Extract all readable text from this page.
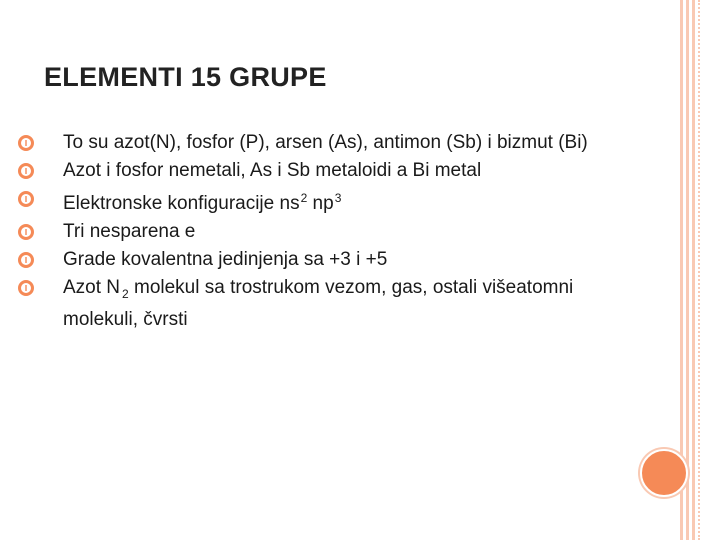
ELEMENTI 15 GRUPE
To su azot(N), fosfor (P), arsen (As), antimon (Sb) i bizmut (Bi)
Azot i fosfor nemetali, As i Sb metaloidi a Bi metal
Elektronske konfiguracije $ns^2$ $np^3$
Tri nesparena e
Grade kovalentna jedinjenja sa +3 i +5
Azot N $_2$ molekul sa trostrukom vezom, gas, ostali višeatomni molekuli, čvrsti
